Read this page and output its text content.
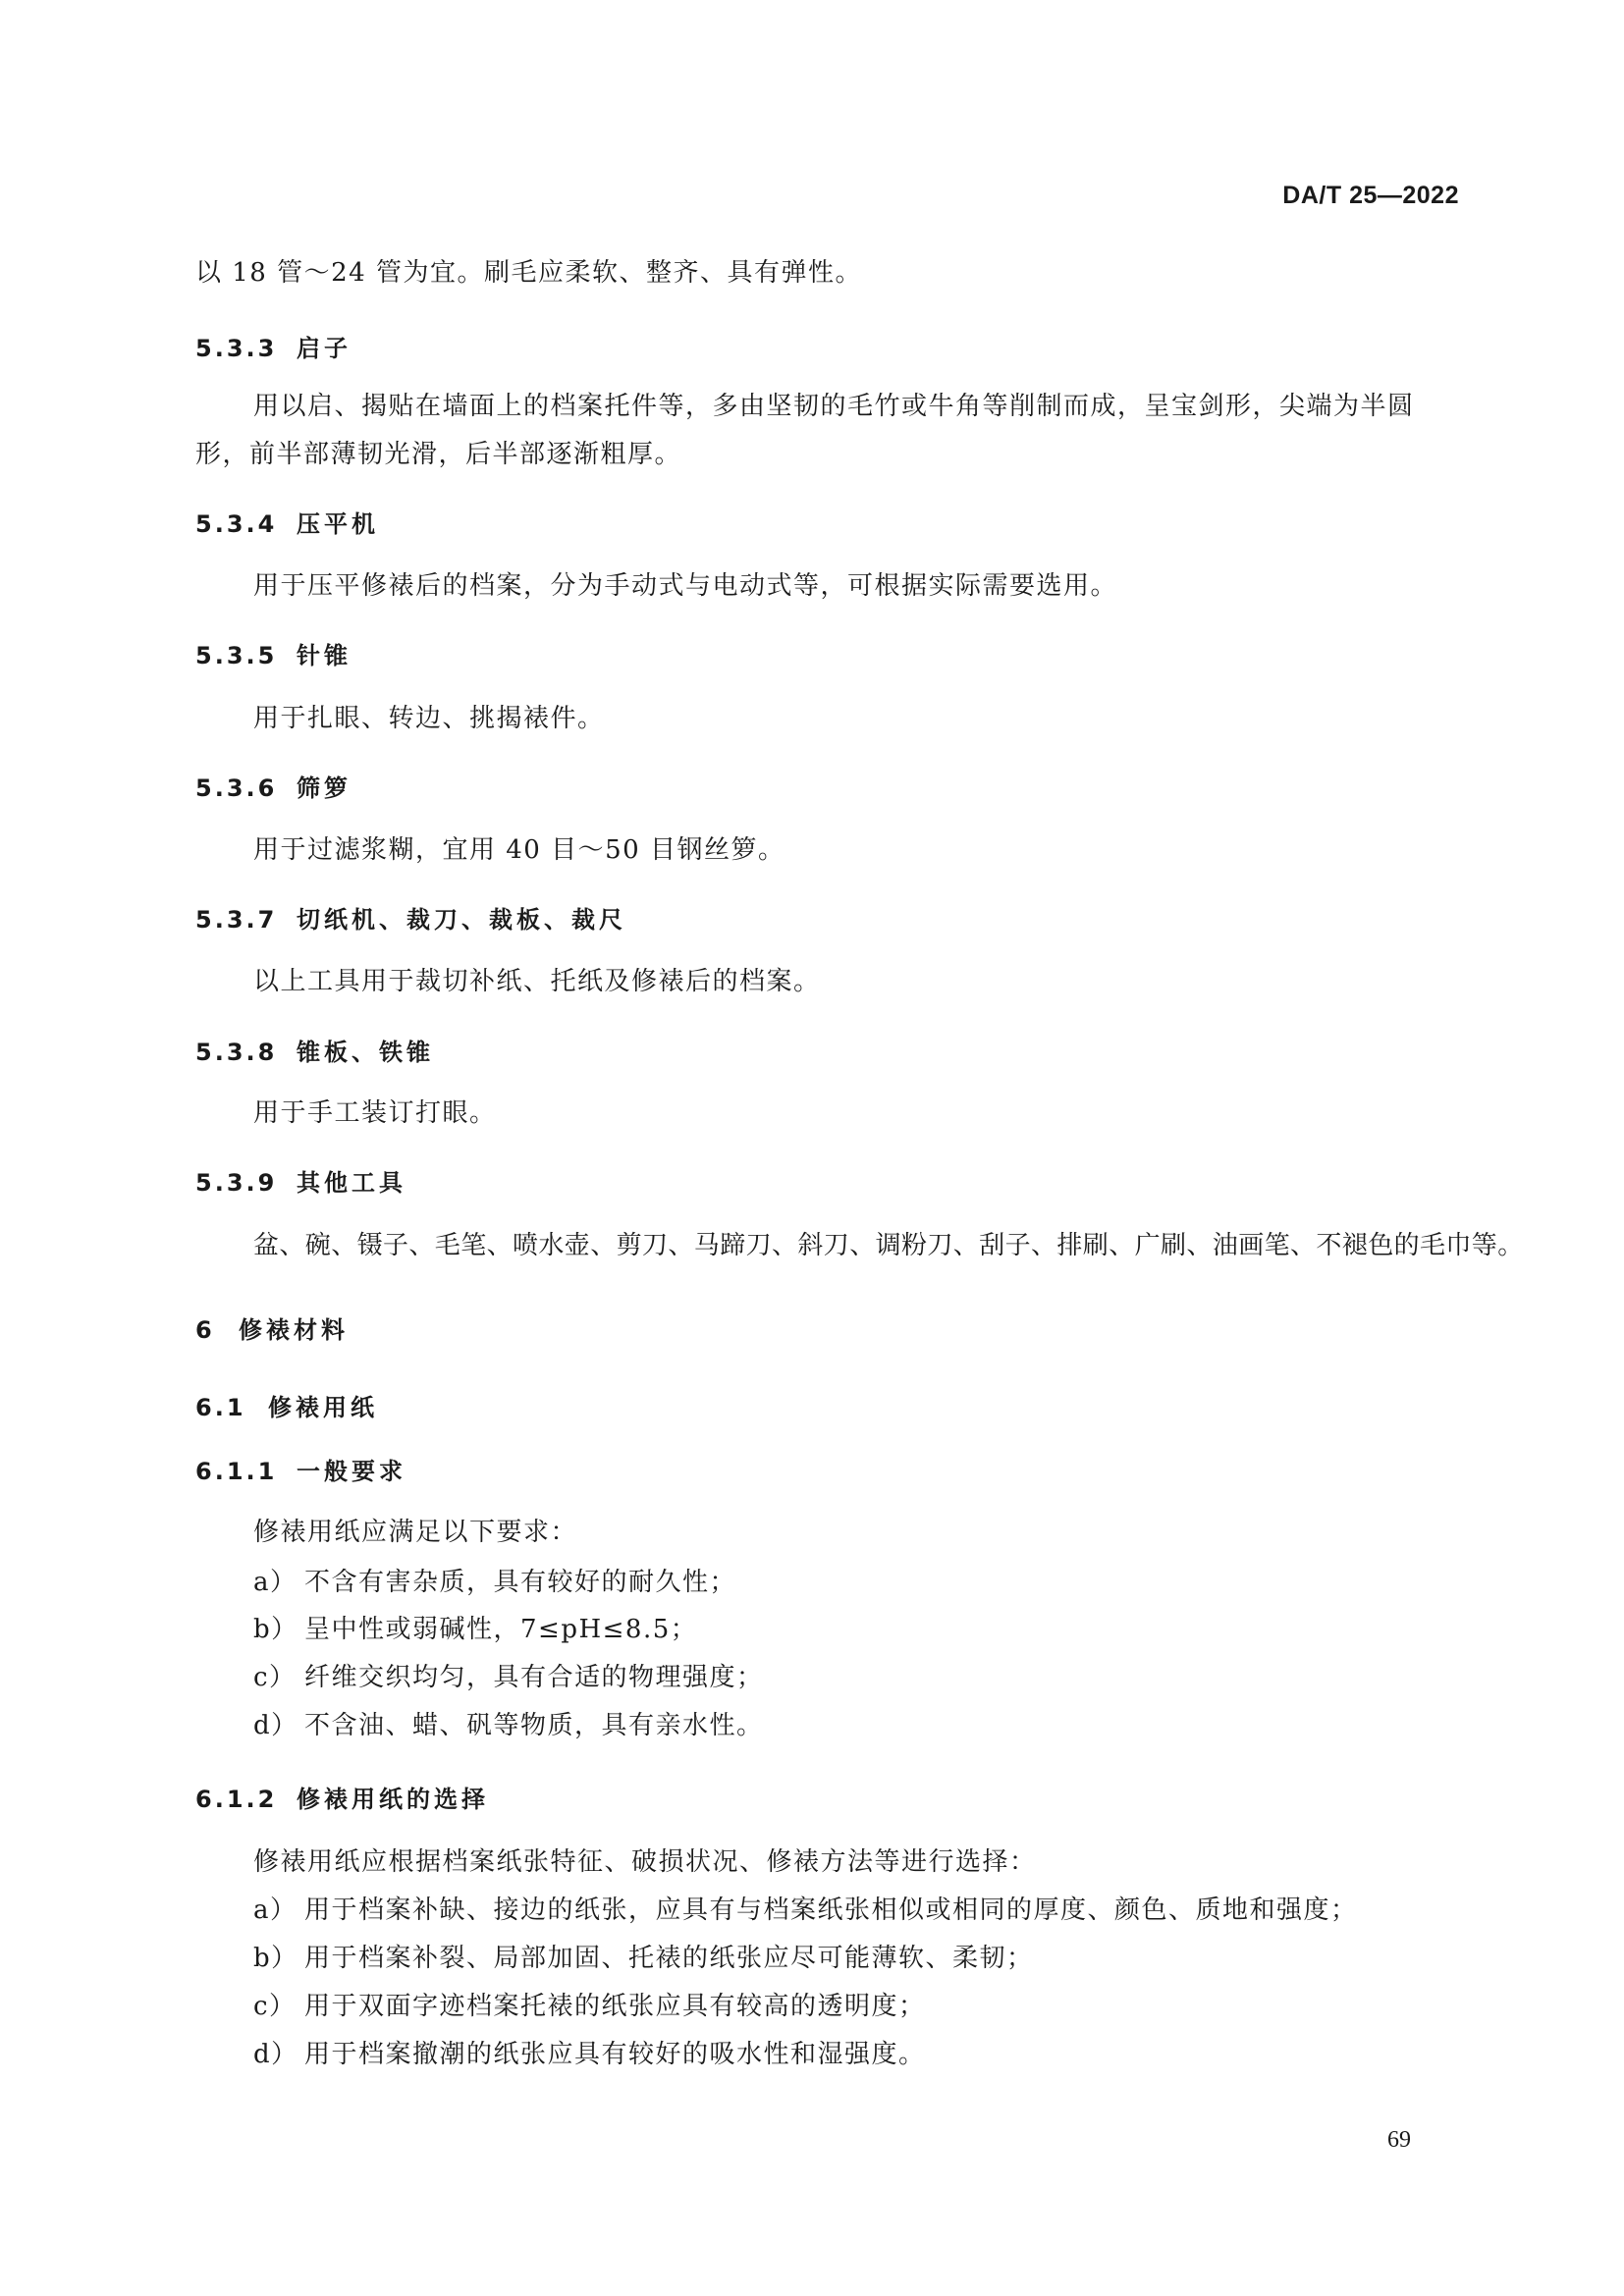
DA/T 25—2022
以 18 管～24 管为宜。刷毛应柔软、整齐、具有弹性。
5.3.3 启子
用以启、揭贴在墙面上的档案托件等，多由坚韧的毛竹或牛角等削制而成，呈宝剑形，尖端为半圆
形，前半部薄韧光滑，后半部逐渐粗厚。
5.3.4 压平机
用于压平修裱后的档案，分为手动式与电动式等，可根据实际需要选用。
5.3.5 针锥
用于扎眼、转边、挑揭裱件。
5.3.6 筛箩
用于过滤浆糊，宜用 40 目～50 目钢丝箩。
5.3.7 切纸机、裁刀、裁板、裁尺
以上工具用于裁切补纸、托纸及修裱后的档案。
5.3.8 锥板、铁锥
用于手工装订打眼。
5.3.9 其他工具
盆、碗、镊子、毛笔、喷水壶、剪刀、马蹄刀、斜刀、调粉刀、刮子、排刷、广刷、油画笔、不褪色的毛巾等。
6 修裱材料
6.1 修裱用纸
6.1.1 一般要求
修裱用纸应满足以下要求：
a） 不含有害杂质，具有较好的耐久性；
b） 呈中性或弱碱性，7≤pH≤8.5；
c） 纤维交织均匀，具有合适的物理强度；
d） 不含油、蜡、矾等物质，具有亲水性。
6.1.2 修裱用纸的选择
修裱用纸应根据档案纸张特征、破损状况、修裱方法等进行选择：
a） 用于档案补缺、接边的纸张，应具有与档案纸张相似或相同的厚度、颜色、质地和强度；
b） 用于档案补裂、局部加固、托裱的纸张应尽可能薄软、柔韧；
c） 用于双面字迹档案托裱的纸张应具有较高的透明度；
d） 用于档案撤潮的纸张应具有较好的吸水性和湿强度。
69
